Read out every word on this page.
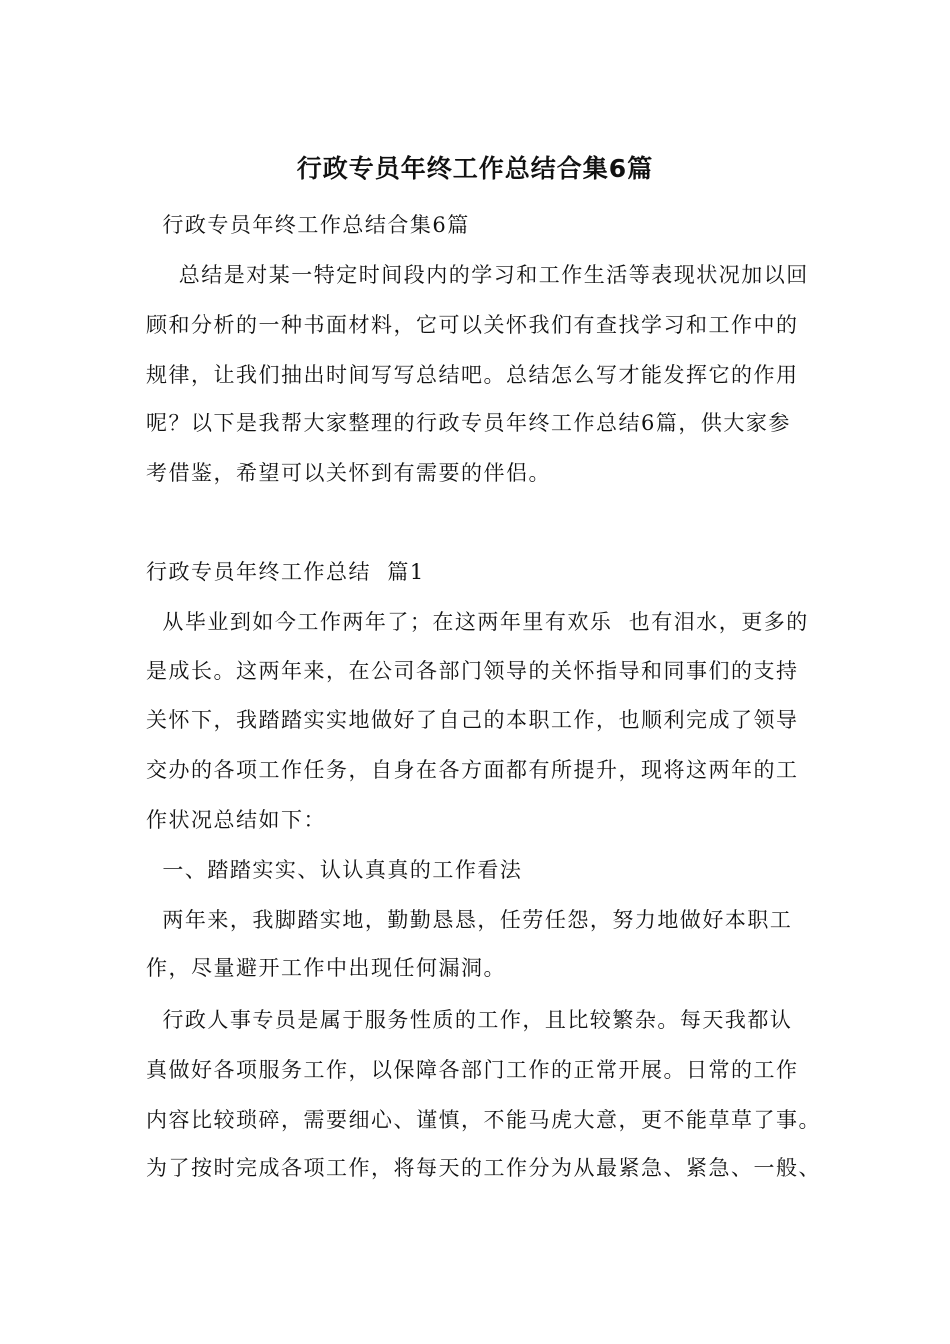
行政专员年终工作总结合集6篇

行政专员年终工作总结合集6篇

总结是对某一特定时间段内的学习和工作生活等表现状况加以回

顾和分析的一种书面材料，它可以关怀我们有查找学习和工作中的

规律，让我们抽出时间写写总结吧。总结怎么写才能发挥它的作用

呢？以下是我帮大家整理的行政专员年终工作总结6篇，供大家参

考借鉴，希望可以关怀到有需要的伴侣。

行政专员年终工作总结  篇1

从毕业到如今工作两年了；在这两年里有欢乐  也有泪水，更多的

是成长。这两年来，在公司各部门领导的关怀指导和同事们的支持

关怀下，我踏踏实实地做好了自己的本职工作，也顺利完成了领导

交办的各项工作任务，自身在各方面都有所提升，现将这两年的工

作状况总结如下：

一、踏踏实实、认认真真的工作看法

两年来，我脚踏实地，勤勤恳恳，任劳任怨，努力地做好本职工

作，尽量避开工作中出现任何漏洞。

行政人事专员是属于服务性质的工作，且比较繁杂。每天我都认

真做好各项服务工作，以保障各部门工作的正常开展。日常的工作

内容比较琐碎，需要细心、谨慎，不能马虎大意，更不能草草了事。

为了按时完成各项工作，将每天的工作分为从最紧急、紧急、一般、
